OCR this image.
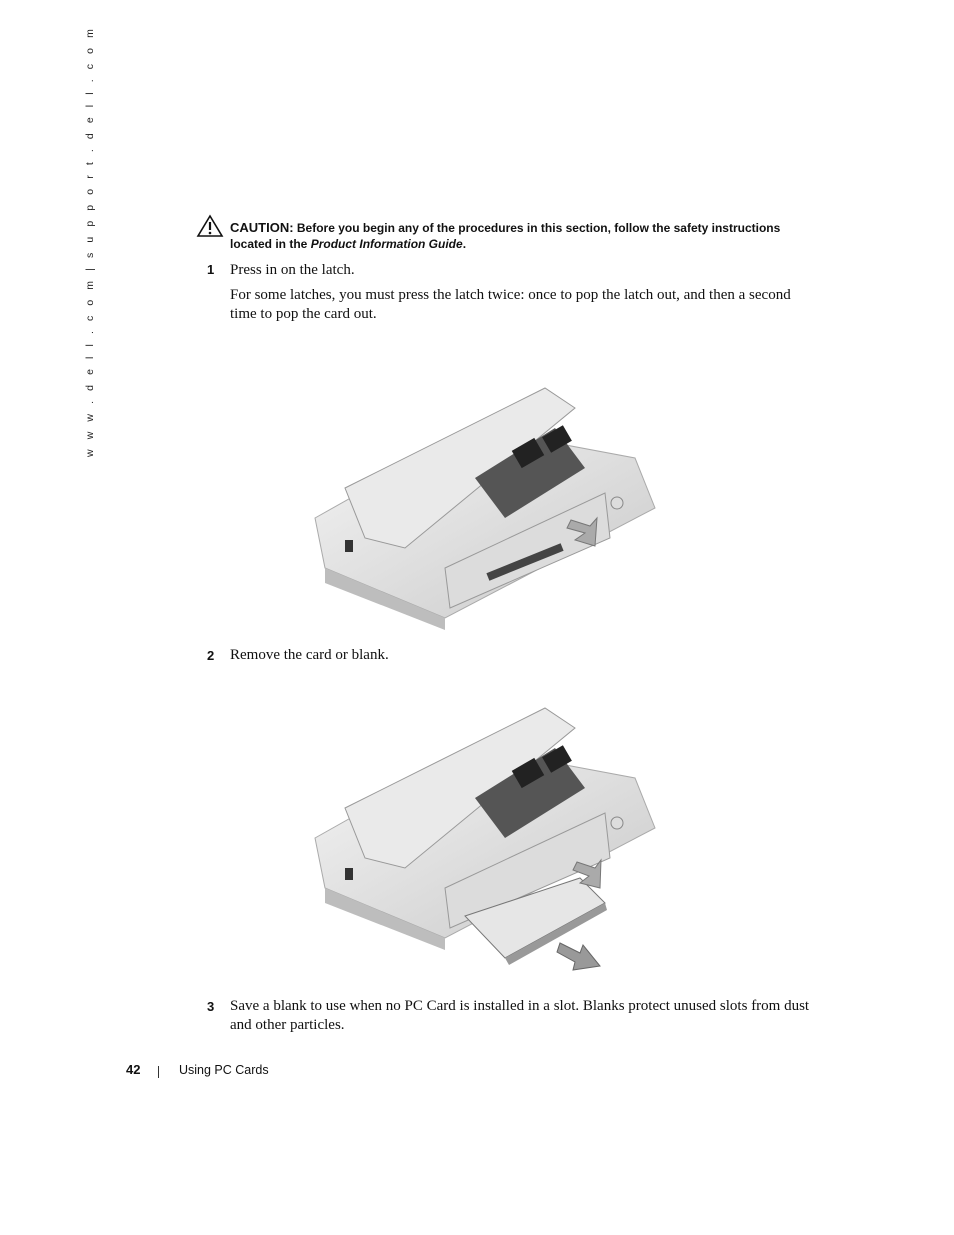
w w w . d e l l . c o m | s u p p o r t . d e l l . c o m	CAUTION: Before you begin any of the procedures in this section, follow the safety instructions
located in the Product Information Guide.
1 Press in on the latch.
For some latches, you must press the latch twice: once to pop the latch out, and then a second time to pop the card out.
2 Remove the card or blank.
3 Save a blank to use when no PC Card is installed in a slot. Blanks protect unused slots from dust and other particles.
42	Using PC Cards
